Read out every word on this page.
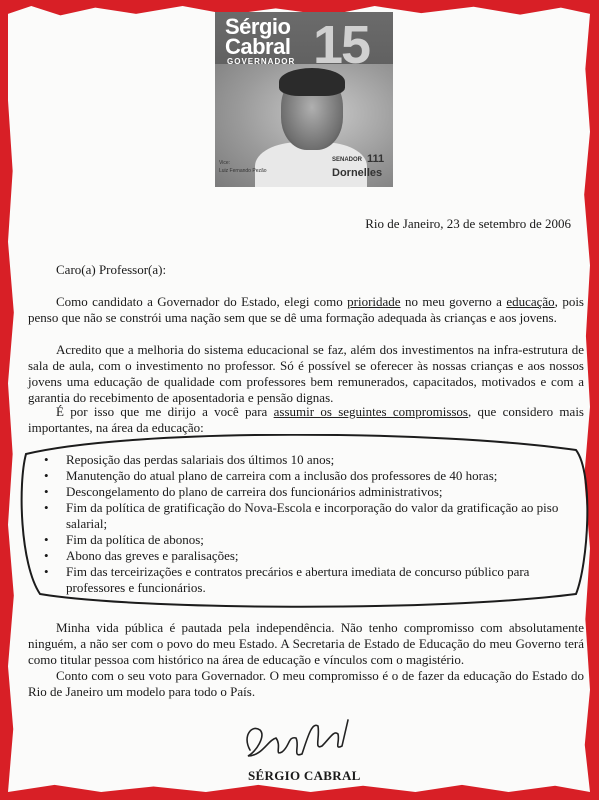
Sérgio
Cabral
GOVERNADOR 15
Vice:
Luiz Fernando Pezão
SENADOR 111
Dornelles
Rio de Janeiro, 23 de setembro de 2006
Caro(a) Professor(a):
Como candidato a Governador do Estado, elegi como prioridade no meu governo a educação, pois penso que não se constrói uma nação sem que se dê uma formação adequada às crianças e aos jovens.
Acredito que a melhoria do sistema educacional se faz, além dos investimentos na infra-estrutura de sala de aula, com o investimento no professor. Só é possível se oferecer às nossas crianças e aos nossos jovens uma educação de qualidade com professores bem remunerados, capacitados, motivados e com a garantia do recebimento de aposentadoria e pensão dignas.
É por isso que me dirijo a você para assumir os seguintes compromissos, que considero mais importantes, na área da educação:
• Reposição das perdas salariais dos últimos 10 anos;
• Manutenção do atual plano de carreira com a inclusão dos professores de 40 horas;
• Descongelamento do plano de carreira dos funcionários administrativos;
• Fim da política de gratificação do Nova-Escola e incorporação do valor da gratificação ao piso salarial;
• Fim da política de abonos;
• Abono das greves e paralisações;
• Fim das terceirizações e contratos precários e abertura imediata de concurso público para professores e funcionários.
Minha vida pública é pautada pela independência. Não tenho compromisso com absolutamente ninguém, a não ser com o povo do meu Estado. A Secretaria de Estado de Educação do meu Governo terá como titular pessoa com histórico na área de educação e vínculos com o magistério.
Conto com o seu voto para Governador. O meu compromisso é o de fazer da educação do Estado do Rio de Janeiro um modelo para todo o País.
SÉRGIO CABRAL
